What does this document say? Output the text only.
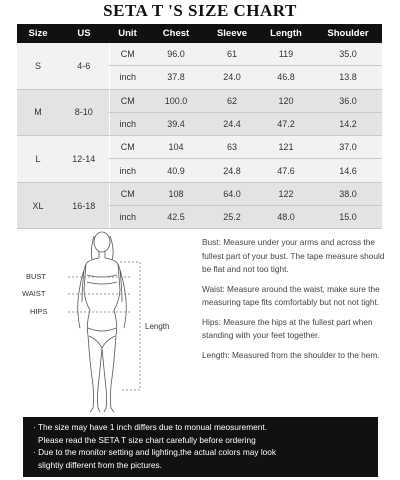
SETA T 'S SIZE CHART
Size	US	Unit	Chest	Sleeve	Length	Shoulder
S	4-6	CM	96.0	61	119	35.0
		inch	37.8	24.0	46.8	13.8
M	8-10	CM	100.0	62	120	36.0
		inch	39.4	24.4	47.2	14.2
L	12-14	CM	104	63	121	37.0
		inch	40.9	24.8	47.6	14.6
XL	16-18	CM	108	64.0	122	38.0
		inch	42.5	25.2	48.0	15.0
BUST
WAIST
HIPS
Length

Bust: Measure under your arms and across the fullest part of your bust. The tape measure should be flat and not too tight.

Waist: Measure around the waist, make sure the measuring tape fits comfortably but not not tight.

Hips: Measure the hips at the fullest part when standing with your feet together.

Length: Measured from the shoulder to the hem.

· The size may have 1 inch differs due to monual meosurement.
Please read the SETA T size chart carefully before ordering
· Due to the monitor setting and lighting,the actual colors may look
slightiy different from the pictures.
